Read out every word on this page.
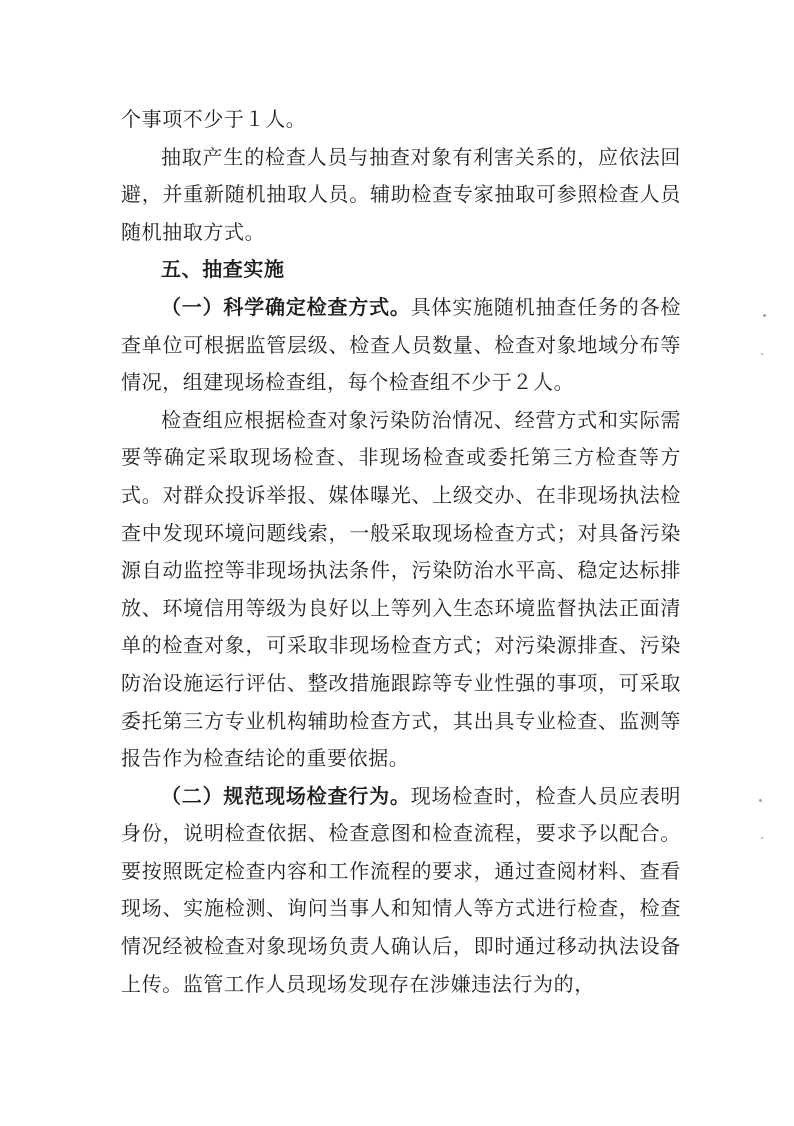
个事项不少于１人。

抽取产生的检查人员与抽查对象有利害关系的，应依法回避，并重新随机抽取人员。辅助检查专家抽取可参照检查人员随机抽取方式。

五、抽查实施

（一）科学确定检查方式。具体实施随机抽查任务的各检查单位可根据监管层级、检查人员数量、检查对象地域分布等情况，组建现场检查组，每个检查组不少于２人。

检查组应根据检查对象污染防治情况、经营方式和实际需要等确定采取现场检查、非现场检查或委托第三方检查等方式。对群众投诉举报、媒体曝光、上级交办、在非现场执法检查中发现环境问题线索，一般采取现场检查方式；对具备污染源自动监控等非现场执法条件，污染防治水平高、稳定达标排放、环境信用等级为良好以上等列入生态环境监督执法正面清单的检查对象，可采取非现场检查方式；对污染源排查、污染防治设施运行评估、整改措施跟踪等专业性强的事项，可采取委托第三方专业机构辅助检查方式，其出具专业检查、监测等报告作为检查结论的重要依据。

（二）规范现场检查行为。现场检查时，检查人员应表明身份，说明检查依据、检查意图和检查流程，要求予以配合。要按照既定检查内容和工作流程的要求，通过查阅材料、查看现场、实施检测、询问当事人和知情人等方式进行检查，检查情况经被检查对象现场负责人确认后，即时通过移动执法设备上传。监管工作人员现场发现存在涉嫌违法行为的，
